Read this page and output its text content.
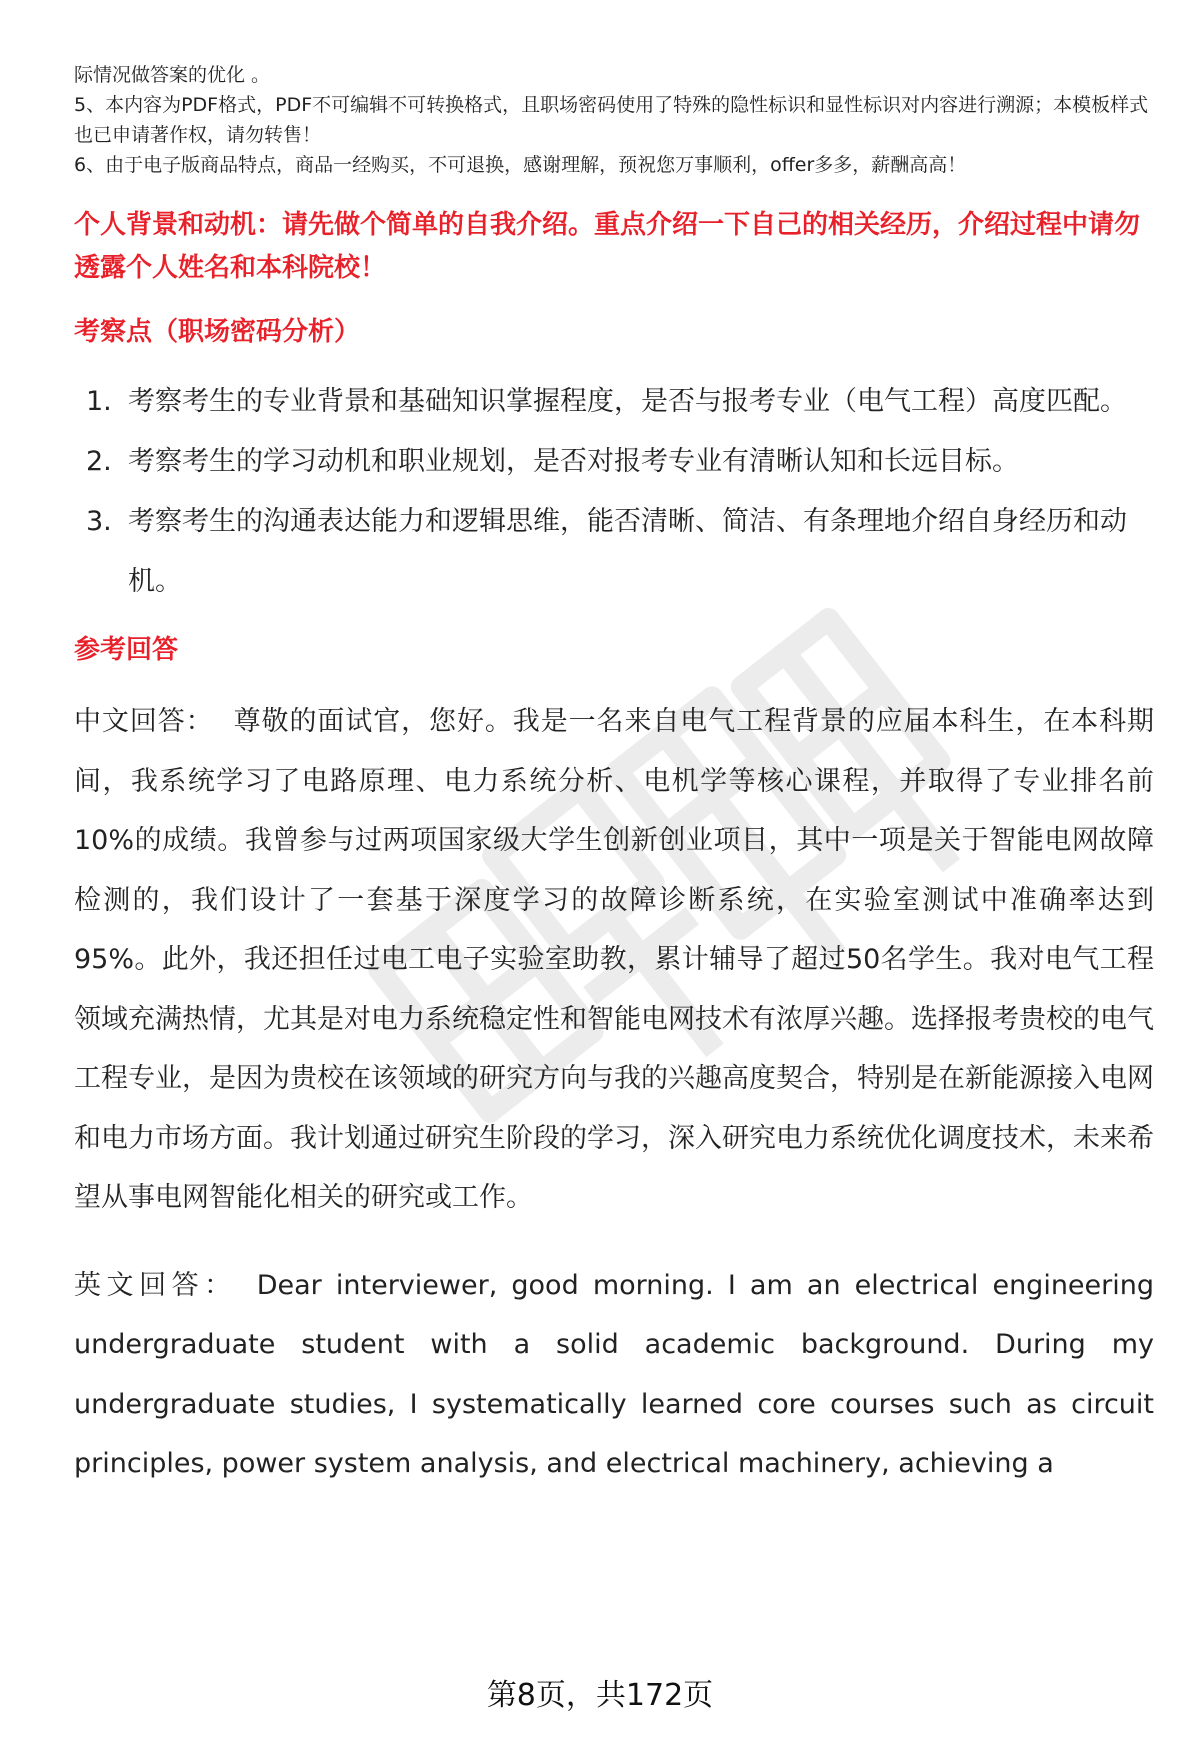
际情况做答案的优化 。

5、本内容为PDF格式，PDF不可编辑不可转换格式，且职场密码使用了特殊的隐性标识和显性标识对内容进行溯源；本模板样式也已申请著作权，请勿转售！

6、由于电子版商品特点，商品一经购买，不可退换，感谢理解，预祝您万事顺利，offer多多，薪酬高高！

个人背景和动机：请先做个简单的自我介绍。重点介绍一下自己的相关经历，介绍过程中请勿透露个人姓名和本科院校！
考察点（职场密码分析）
1. 考察考生的专业背景和基础知识掌握程度，是否与报考专业（电气工程）高度匹配。
2. 考察考生的学习动机和职业规划，是否对报考专业有清晰认知和长远目标。
3. 考察考生的沟通表达能力和逻辑思维，能否清晰、简洁、有条理地介绍自身经历和动机。
参考回答
中文回答： 尊敬的面试官，您好。我是一名来自电气工程背景的应届本科生，在本科期间，我系统学习了电路原理、电力系统分析、电机学等核心课程，并取得了专业排名前10%的成绩。我曾参与过两项国家级大学生创新创业项目，其中一项是关于智能电网故障检测的，我们设计了一套基于深度学习的故障诊断系统，在实验室测试中准确率达到95%。此外，我还担任过电工电子实验室助教，累计辅导了超过50名学生。我对电气工程领域充满热情，尤其是对电力系统稳定性和智能电网技术有浓厚兴趣。选择报考贵校的电气工程专业，是因为贵校在该领域的研究方向与我的兴趣高度契合，特别是在新能源接入电网和电力市场方面。我计划通过研究生阶段的学习，深入研究电力系统优化调度技术，未来希望从事电网智能化相关的研究或工作。
英文回答： Dear interviewer, good morning. I am an electrical engineering undergraduate student with a solid academic background. During my undergraduate studies, I systematically learned core courses such as circuit principles, power system analysis, and electrical machinery, achieving a
第8页，共172页
